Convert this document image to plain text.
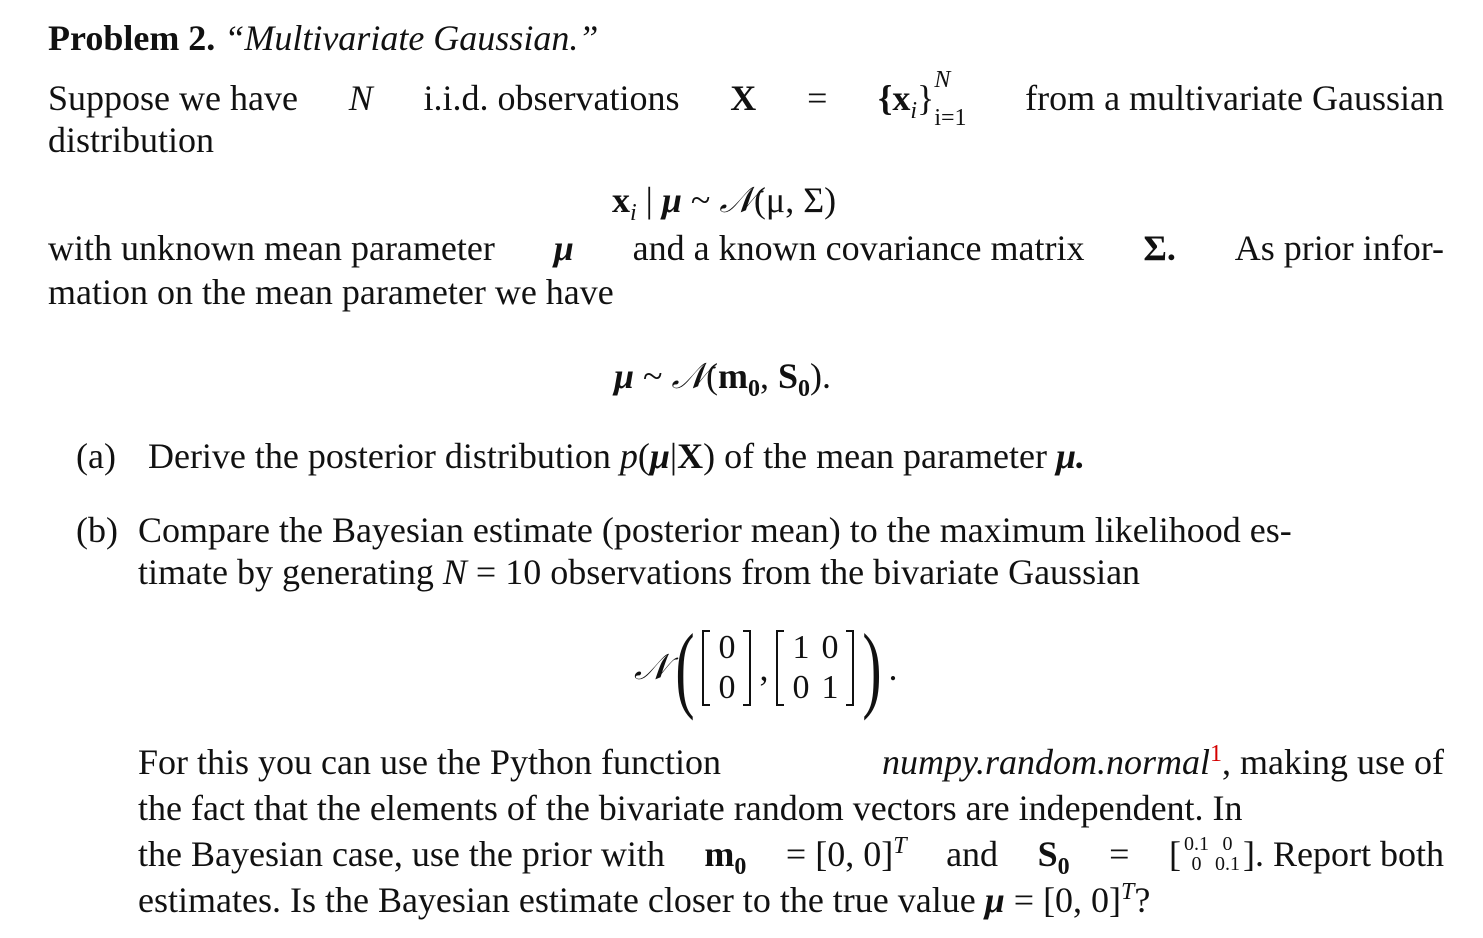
Problem 2. “Multivariate Gaussian.”
Suppose we have N i.i.d. observations $X = \{x_i\}$ N
i=1 from a multivariate Gaussian
distribution
$x_i$ | μ ~ 𝒩(μ, Σ)
with unknown mean parameter μ and a known covariance matrix Σ. As prior infor-
mation on the mean parameter we have
μ ~ $𝒩(m_0$, $S_0$).
(a) Derive the posterior distribution p(μ|X) of the mean parameter μ.
(b) Compare the Bayesian estimate (posterior mean) to the maximum likelihood es-
timate by generating N = 10 observations from the bivariate Gaussian
𝒩 ( 0
0 ,
1	0
0	1 ) .
For this you can use the Python function	numpy.random.normal$^1$, making use of
the fact that the elements of the bivariate random vectors are independent. In
the Bayesian case, use the prior with $m_0 = [0$, 0]$^T$ and $S_0$ = [ 0.1	0
0	0.1 ] . Report both
estimates. Is the Bayesian estimate closer to the true value μ = [0, 0]$^T$?
